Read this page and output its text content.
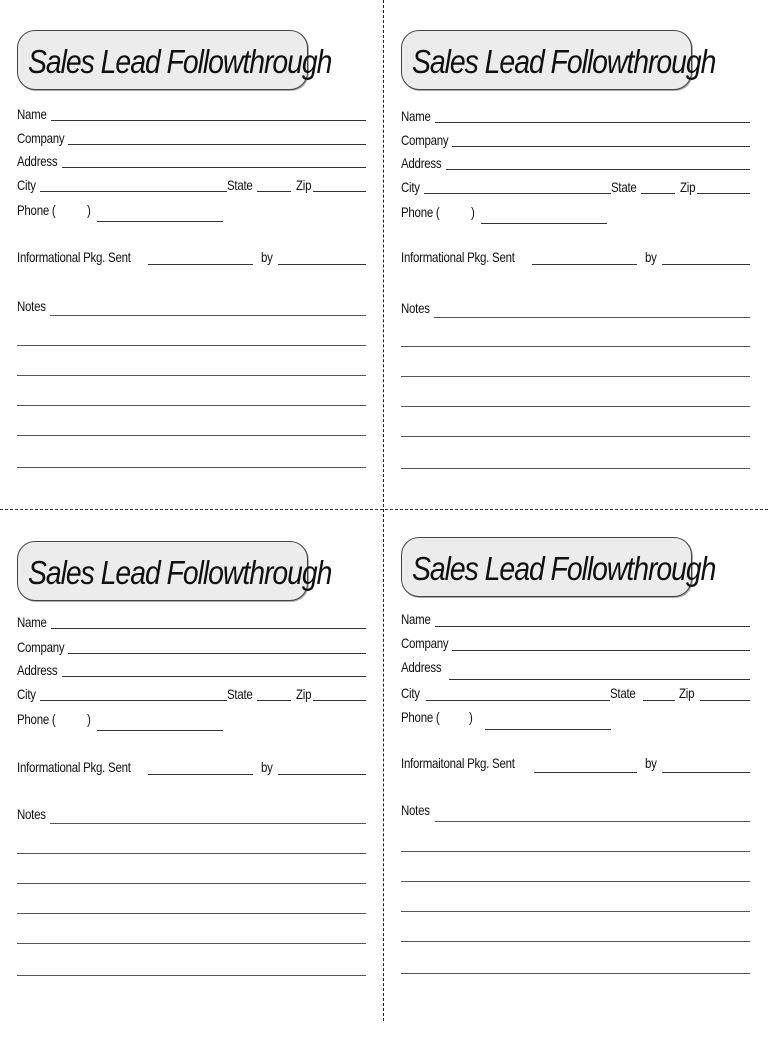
Sales Lead Followthrough
Name
Company
Address
City	State	Zip
Phone ( )
Informational Pkg. Sent	by
Notes
Sales Lead Followthrough
Name
Company
Address
City	State	Zip
Phone ( )
Informational Pkg. Sent	by
Notes
Sales Lead Followthrough
Name
Company
Address
City	State	Zip
Phone ( )
Informational Pkg. Sent	by
Notes
Sales Lead Followthrough
Name
Company
Address
City	State	Zip
Phone ( )
Informaitonal Pkg. Sent	by
Notes
